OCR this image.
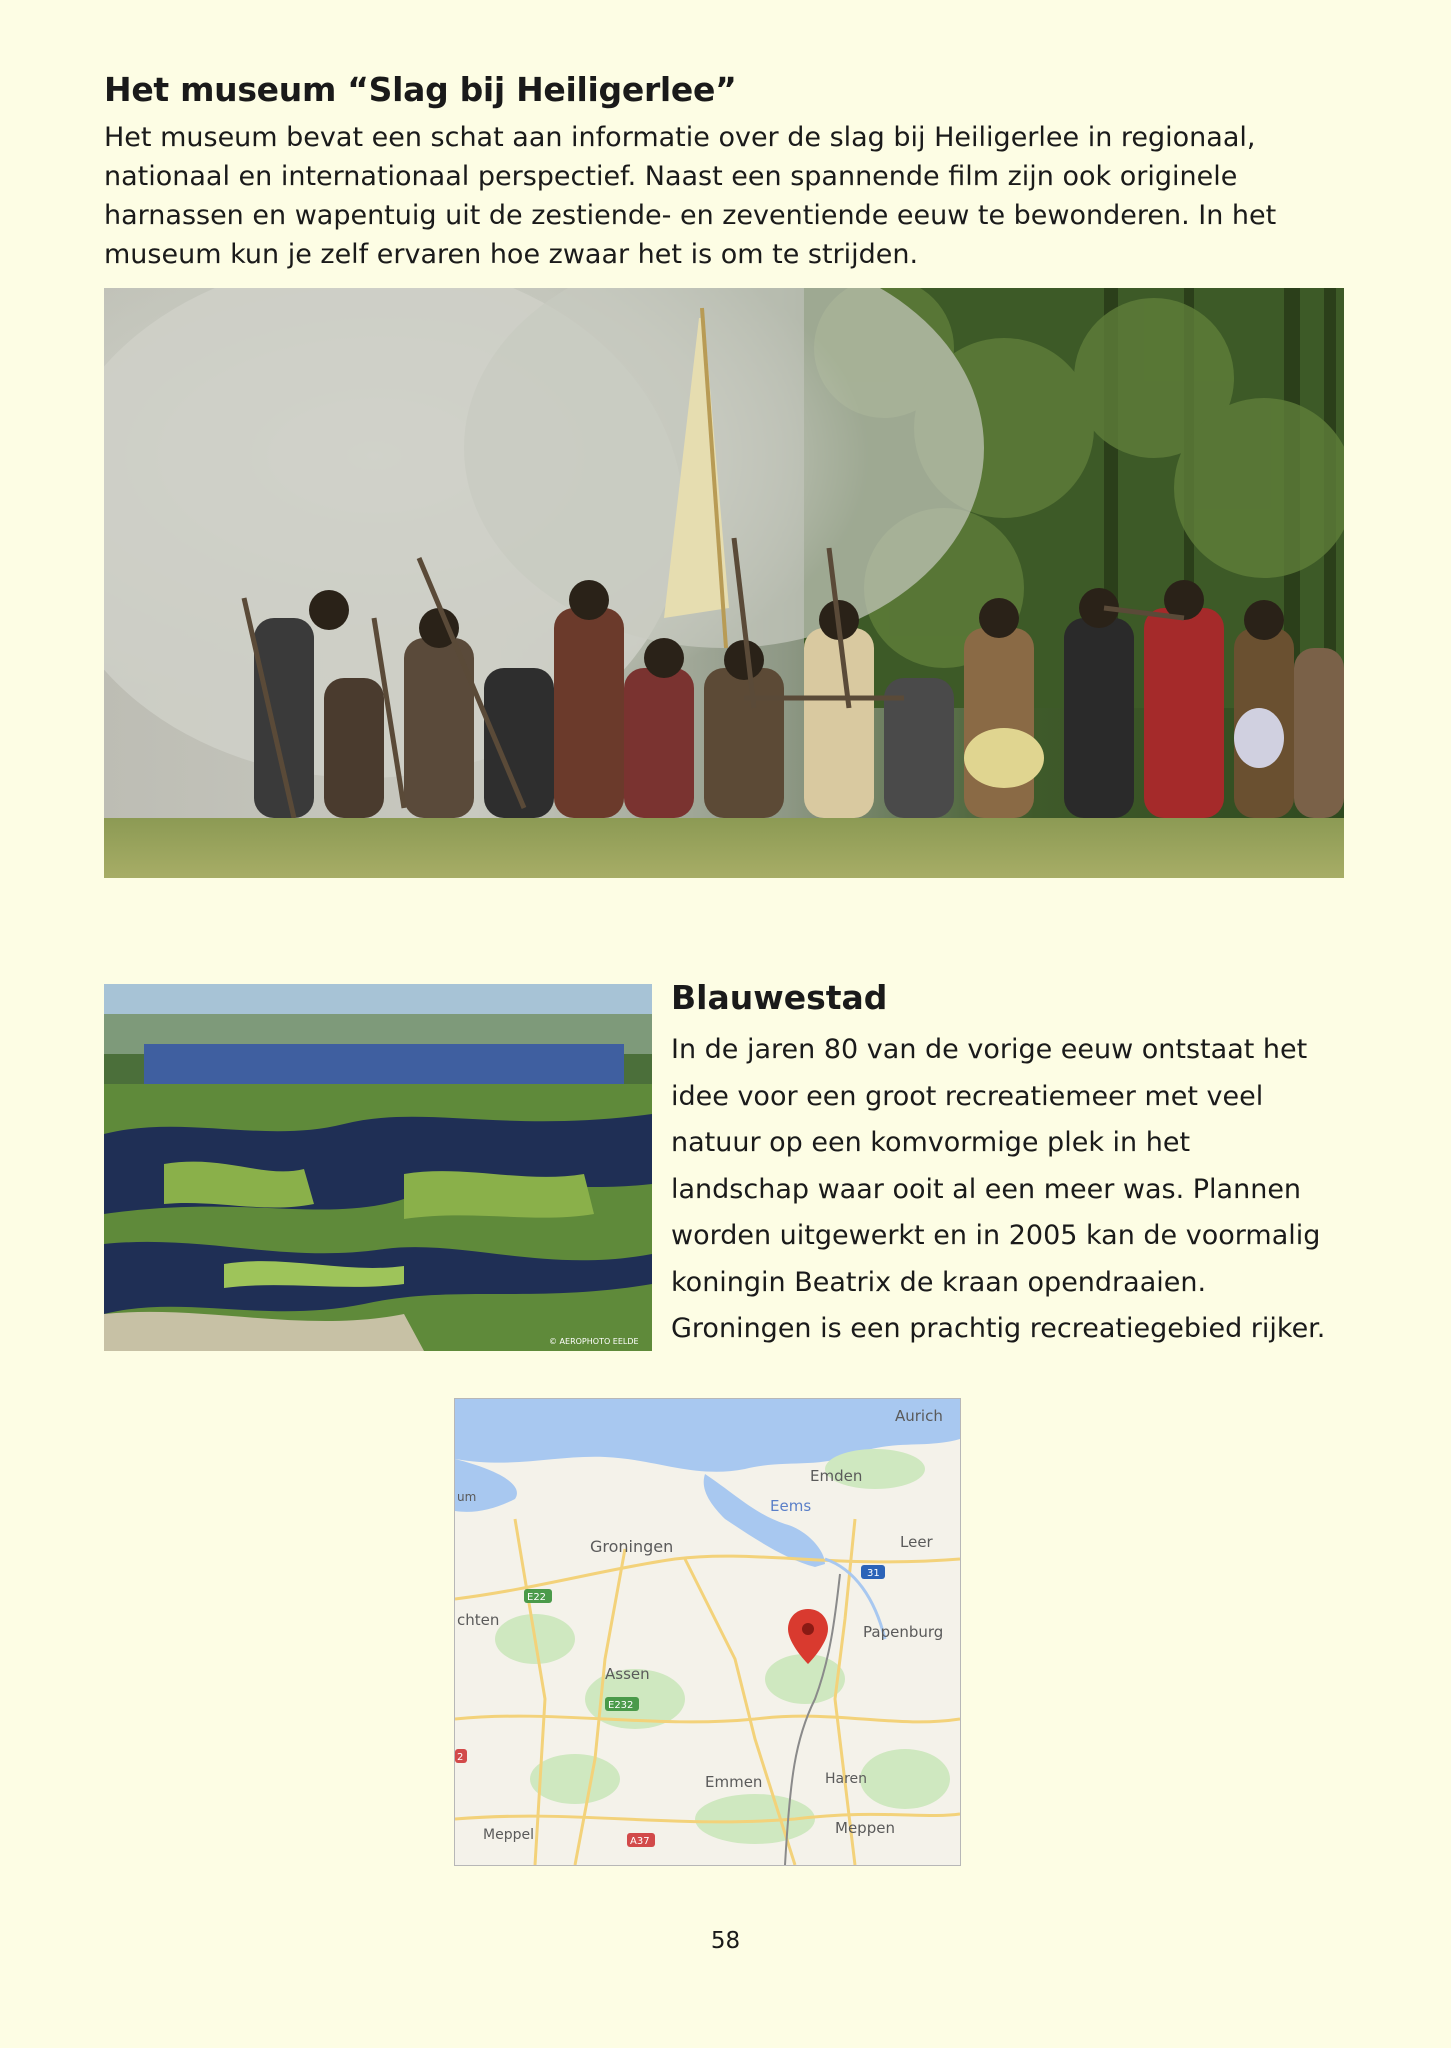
Het museum “Slag bij Heiligerlee”

Het museum bevat een schat aan informatie over de slag bij Heiligerlee in regionaal, nationaal en internationaal perspectief. Naast een spannende film zijn ook originele harnassen en wapentuig uit de zestiende- en zeventiende eeuw te bewonderen. In het museum kun je zelf ervaren hoe zwaar het is om te strijden.

© AEROPHOTO EELDE
Blauwestad
In de jaren 80 van de vorige eeuw ontstaat het idee voor een groot recreatiemeer met veel natuur op een komvormige plek in het landschap waar ooit al een meer was. Plannen worden uitgewerkt en in 2005 kan de voormalig koningin Beatrix de kraan opendraaien. Groningen is een prachtig recreatiegebied rijker.
Aurich
Emden
Eems
Groningen	Leer
Papenburg
Assen
Emmen	Haren
Meppen
Meppel
chten
um
31
E22
E232
A37
2
58
